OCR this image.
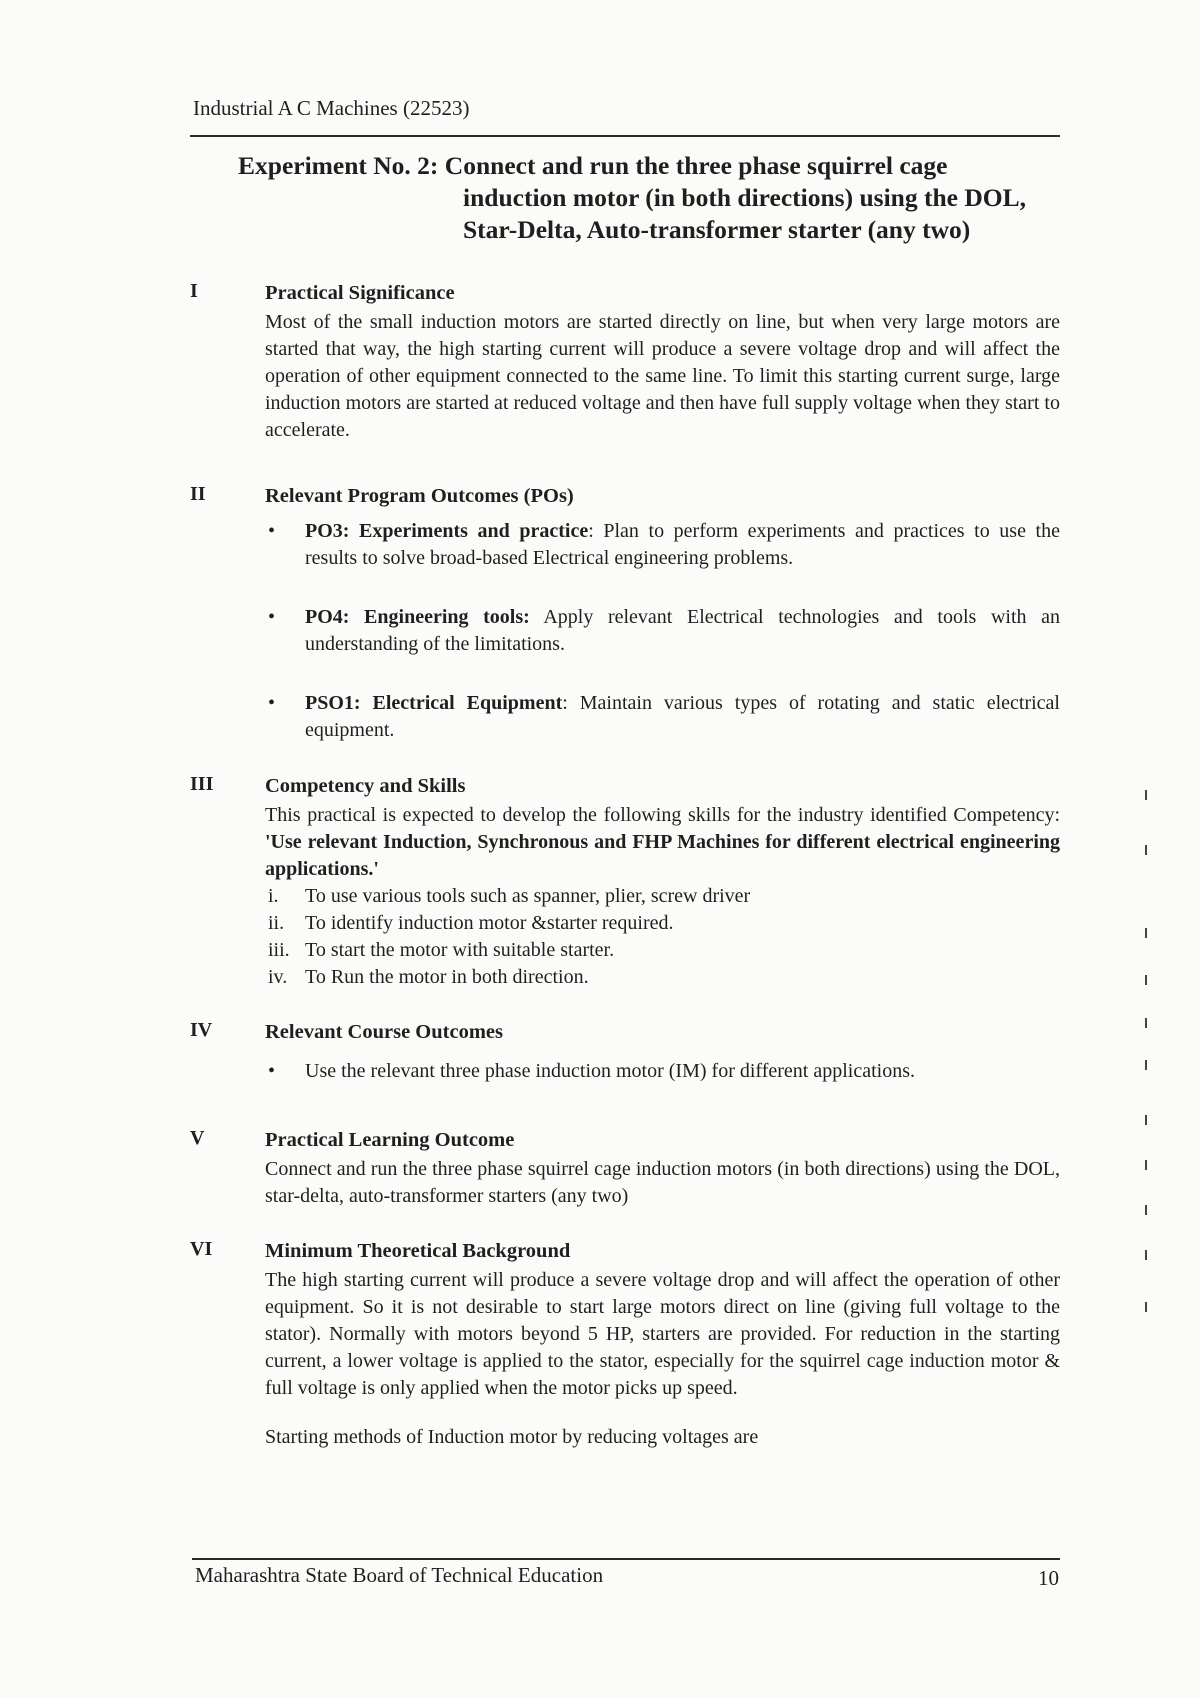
Industrial A C Machines (22523)
Experiment No. 2: Connect and run the three phase squirrel cage
induction motor (in both directions) using the DOL,
Star-Delta, Auto-transformer starter (any two)
I	Practical Significance
Most of the small induction motors are started directly on line, but when very large motors are started that way, the high starting current will produce a severe voltage drop and will affect the operation of other equipment connected to the same line. To limit this starting current surge, large induction motors are started at reduced voltage and then have full supply voltage when they start to accelerate.
II	Relevant Program Outcomes (POs)
• PO3: Experiments and practice: Plan to perform experiments and practices to use the results to solve broad-based Electrical engineering problems.
• PO4: Engineering tools: Apply relevant Electrical technologies and tools with an understanding of the limitations.
• PSO1: Electrical Equipment: Maintain various types of rotating and static electrical equipment.
III	Competency and Skills
This practical is expected to develop the following skills for the industry identified Competency: 'Use relevant Induction, Synchronous and FHP Machines for different electrical engineering applications.'
i. To use various tools such as spanner, plier, screw driver
ii. To identify induction motor &starter required.
iii. To start the motor with suitable starter.
iv. To Run the motor in both direction.
IV	Relevant Course Outcomes
• Use the relevant three phase induction motor (IM) for different applications.
V	Practical Learning Outcome
Connect and run the three phase squirrel cage induction motors (in both directions) using the DOL, star-delta, auto-transformer starters (any two)
VI	Minimum Theoretical Background
The high starting current will produce a severe voltage drop and will affect the operation of other equipment. So it is not desirable to start large motors direct on line (giving full voltage to the stator). Normally with motors beyond 5 HP, starters are provided. For reduction in the starting current, a lower voltage is applied to the stator, especially for the squirrel cage induction motor & full voltage is only applied when the motor picks up speed.
Starting methods of Induction motor by reducing voltages are
Maharashtra State Board of Technical Education	10
